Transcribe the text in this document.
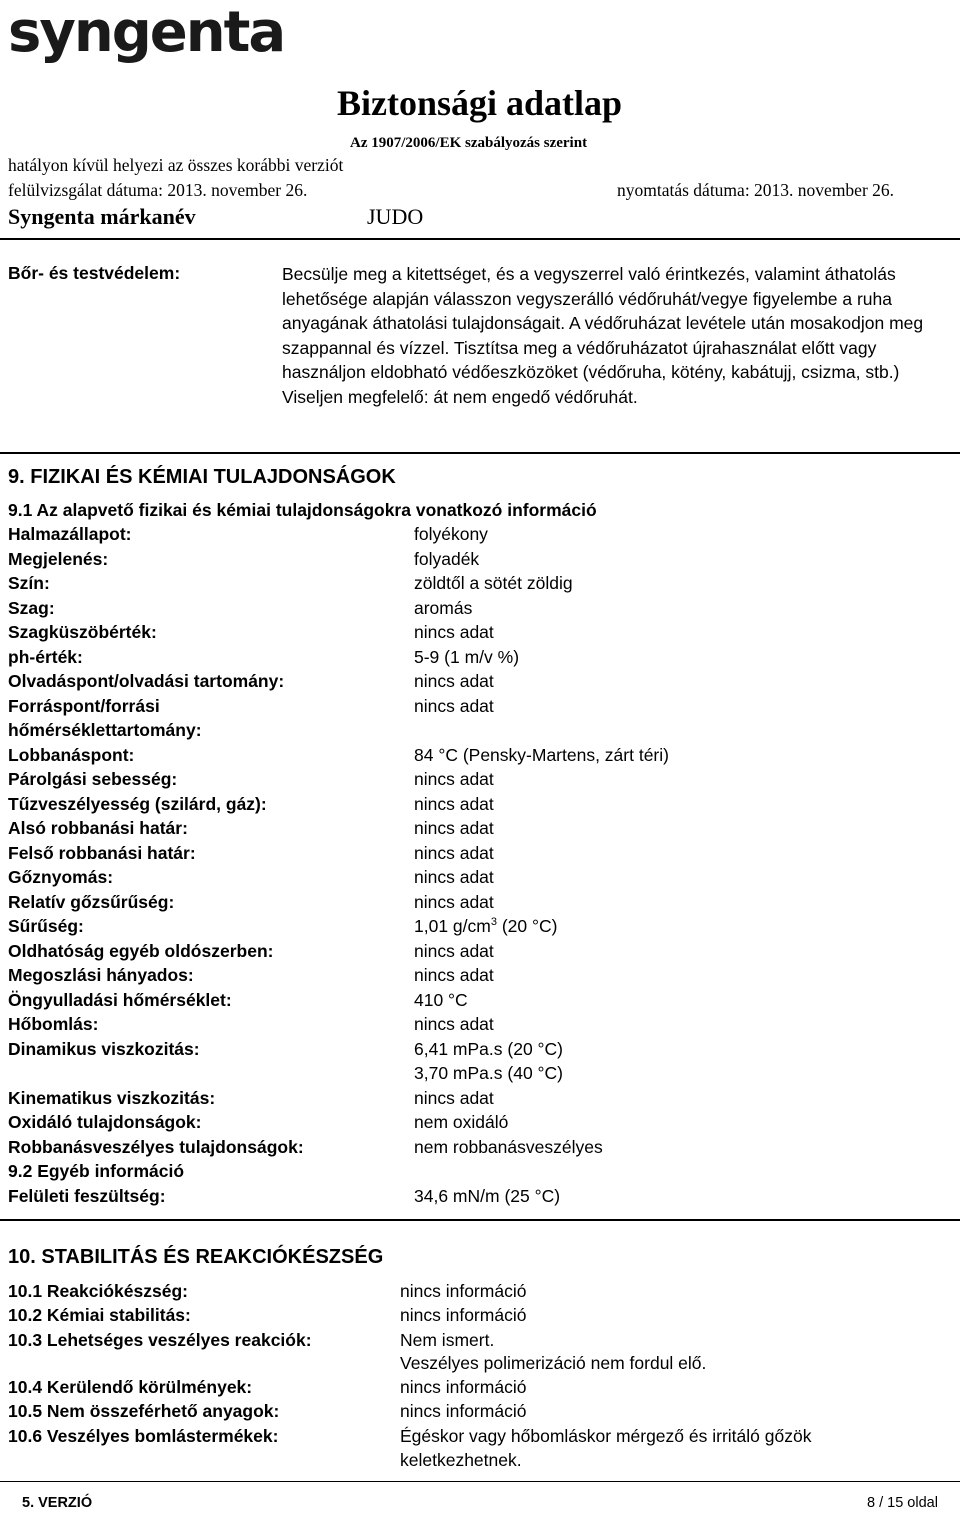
syngenta
Biztonsági adatlap
Az 1907/2006/EK szabályozás szerint
hatályon kívül helyezi az összes korábbi verziót
felülvizsgálat dátuma: 2013. november 26.	nyomtatás dátuma: 2013. november 26.
Syngenta márkanév	JUDO
Bőr- és testvédelem:	Becsülje meg a kitettséget, és a vegyszerrel való érintkezés, valamint áthatolás lehetősége alapján válasszon vegyszerálló védőruhát/vegye figyelembe a ruha anyagának áthatolási tulajdonságait. A védőruházat levétele után mosakodjon meg szappannal és vízzel. Tisztítsa meg a védőruházatot újrahasználat előtt vagy használjon eldobható védőeszközöket (védőruha, kötény, kabátujj, csizma, stb.)

Viseljen megfelelő: át nem engedő védőruhát.

9. FIZIKAI ÉS KÉMIAI TULAJDONSÁGOK
9.1 Az alapvető fizikai és kémiai tulajdonságokra vonatkozó információ
Halmazállapot:	folyékony
Megjelenés:	folyadék
Szín:	zöldtől a sötét zöldig
Szag:	aromás
Szagküszöbérték:	nincs adat
ph-érték:	5-9 (1 m/v %)
Olvadáspont/olvadási tartomány:	nincs adat
Forráspont/forrási	nincs adat
hőmérséklettartomány:
Lobbanáspont:	84 °C (Pensky-Martens, zárt téri)
Párolgási sebesség:	nincs adat
Tűzveszélyesség (szilárd, gáz):	nincs adat
Alsó robbanási határ:	nincs adat
Felső robbanási határ:	nincs adat
Gőznyomás:	nincs adat
Relatív gőzsűrűség:	nincs adat
Sűrűség:	1,01 $g/cm^3$ (20 °C)
Oldhatóság egyéb oldószerben:	nincs adat
Megoszlási hányados:	nincs adat
Öngyulladási hőmérséklet:	410 °C
Hőbomlás:	nincs adat
Dinamikus viszkozitás:	6,41 mPa.s (20 °C)
3,70 mPa.s (40 °C)
Kinematikus viszkozitás:	nincs adat
Oxidáló tulajdonságok:	nem oxidáló
Robbanásveszélyes tulajdonságok:	nem robbanásveszélyes
9.2 Egyéb információ
Felületi feszültség:	34,6 mN/m (25 °C)
10. STABILITÁS ÉS REAKCIÓKÉSZSÉG
10.1 Reakciókészség:	nincs információ
10.2 Kémiai stabilitás:	nincs információ
10.3 Lehetséges veszélyes reakciók:	Nem ismert.
Veszélyes polimerizáció nem fordul elő.
10.4 Kerülendő körülmények:	nincs információ
10.5 Nem összeférhető anyagok:	nincs információ
10.6 Veszélyes bomlástermékek:	Égéskor vagy hőbomláskor mérgező és irritáló gőzök
keletkezhetnek.
5. VERZIÓ	8 / 15 oldal
